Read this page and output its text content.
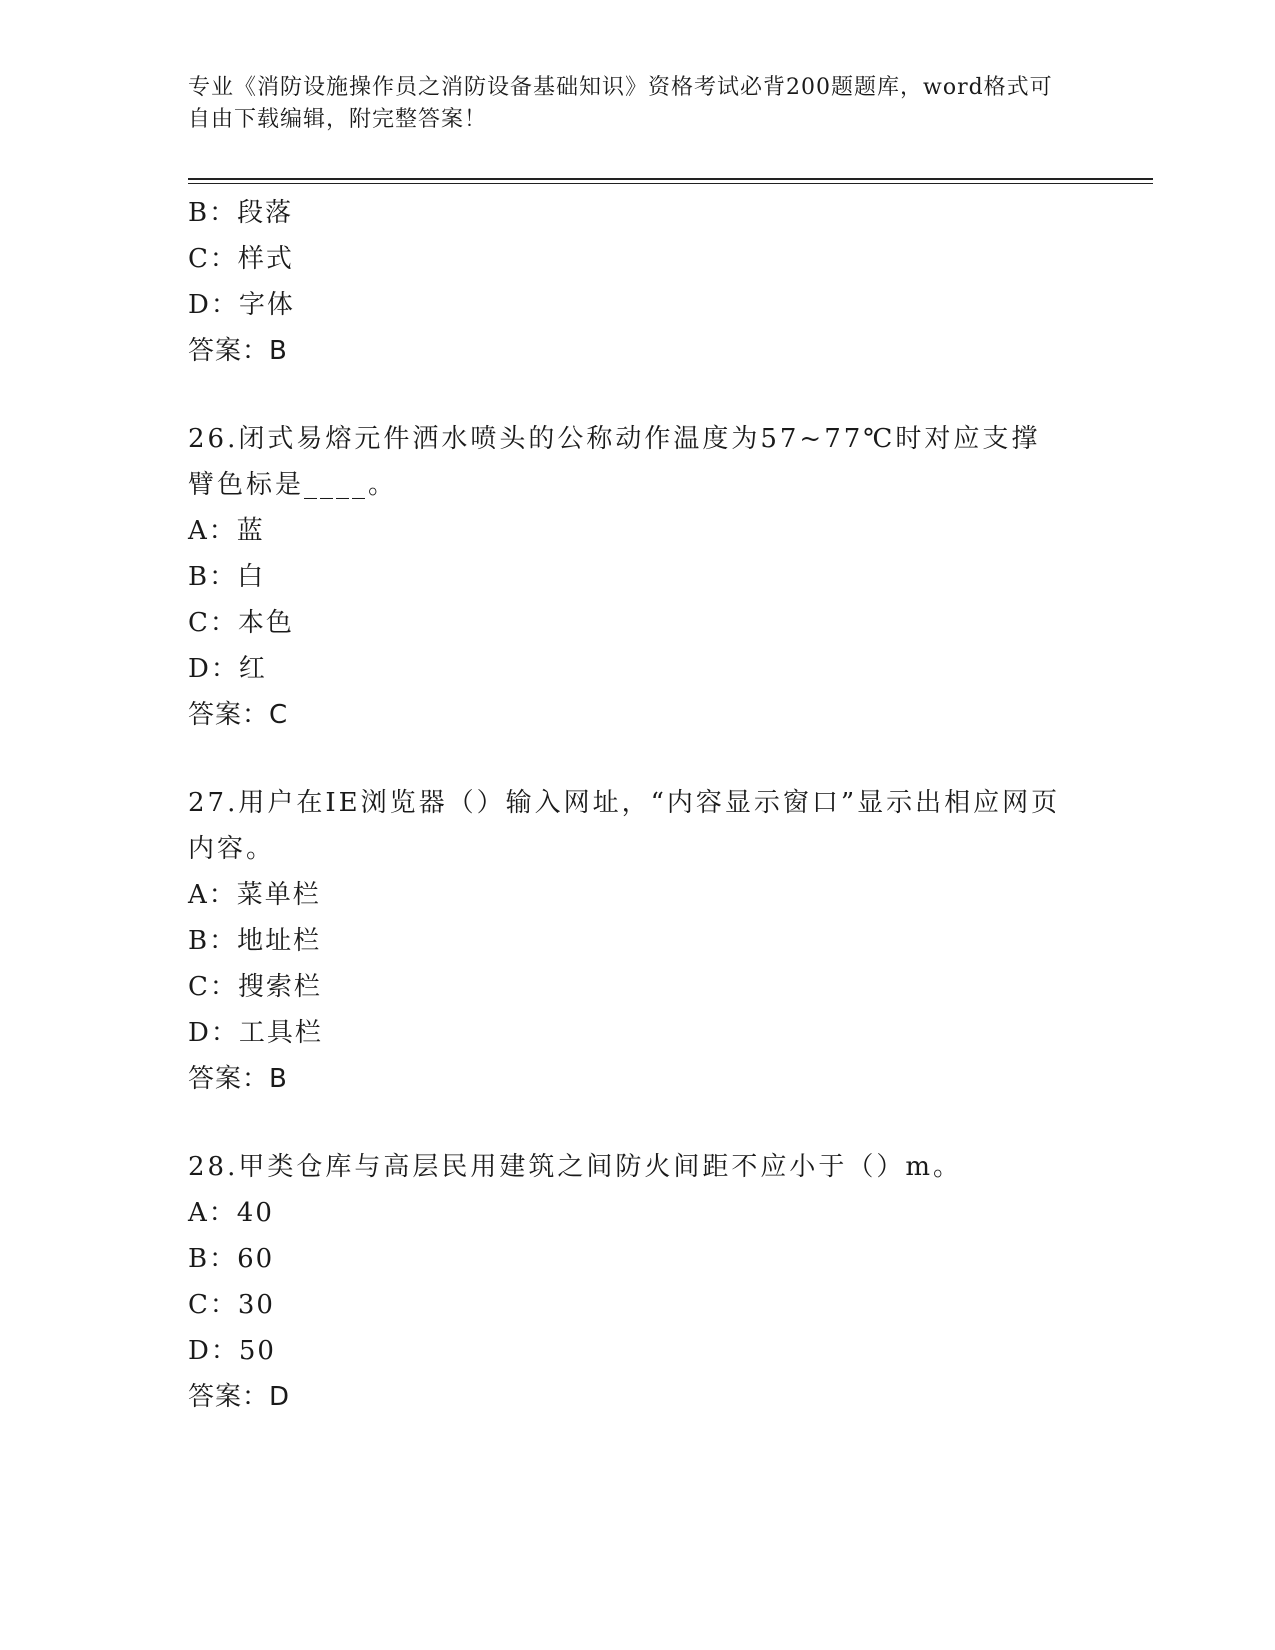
专业《消防设施操作员之消防设备基础知识》资格考试必背200题题库，word格式可自由下载编辑，附完整答案！
B：段落
C：样式
D：字体
答案：B
26.闭式易熔元件洒水喷头的公称动作温度为57~77℃时对应支撑臂色标是____。
A：蓝
B：白
C：本色
D：红
答案：C
27.用户在IE浏览器（）输入网址，“内容显示窗口”显示出相应网页内容。
A：菜单栏
B：地址栏
C：搜索栏
D：工具栏
答案：B
28.甲类仓库与高层民用建筑之间防火间距不应小于（）m。
A：40
B：60
C：30
D：50
答案：D
